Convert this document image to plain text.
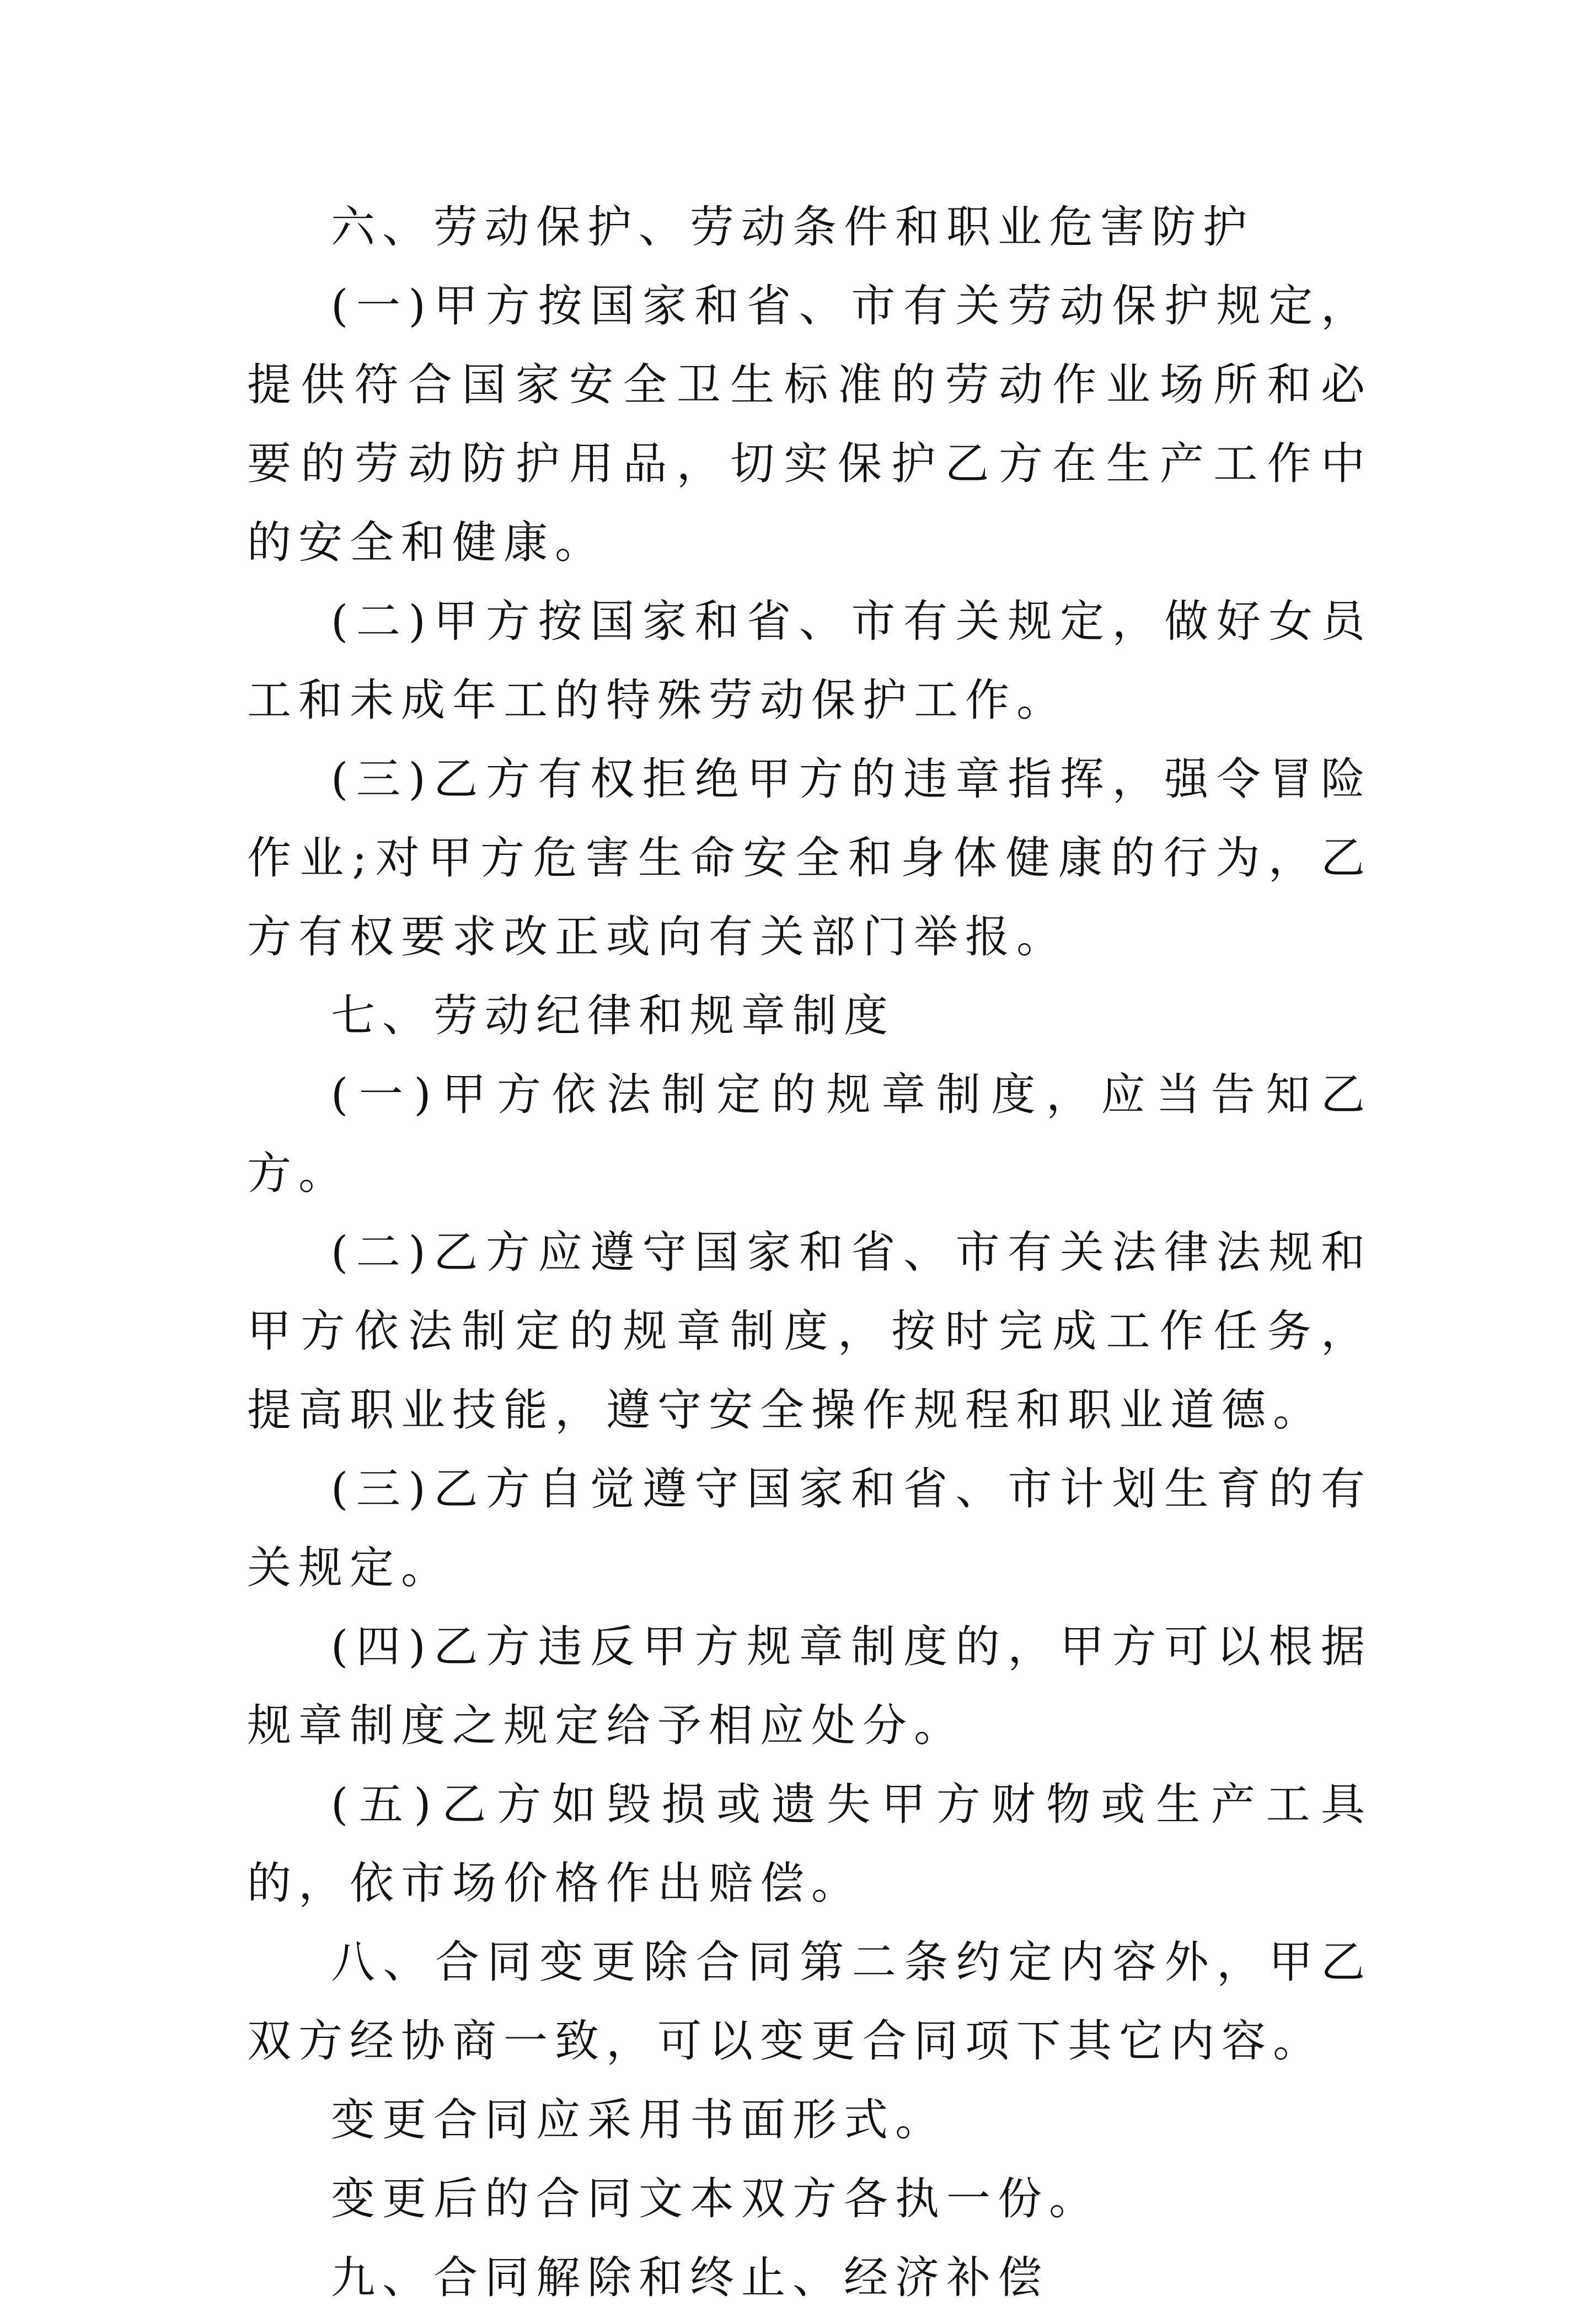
六、劳动保护、劳动条件和职业危害防护

(一)甲方按国家和省、市有关劳动保护规定，提供符合国家安全卫生标准的劳动作业场所和必要的劳动防护用品，切实保护乙方在生产工作中的安全和健康。

(二)甲方按国家和省、市有关规定，做好女员工和未成年工的特殊劳动保护工作。

(三)乙方有权拒绝甲方的违章指挥，强令冒险作业;对甲方危害生命安全和身体健康的行为，乙方有权要求改正或向有关部门举报。

七、劳动纪律和规章制度

(一)甲方依法制定的规章制度，应当告知乙方。

(二)乙方应遵守国家和省、市有关法律法规和甲方依法制定的规章制度，按时完成工作任务，提高职业技能，遵守安全操作规程和职业道德。

(三)乙方自觉遵守国家和省、市计划生育的有关规定。

(四)乙方违反甲方规章制度的，甲方可以根据规章制度之规定给予相应处分。

(五)乙方如毁损或遗失甲方财物或生产工具的，依市场价格作出赔偿。

八、合同变更除合同第二条约定内容外，甲乙双方经协商一致，可以变更合同项下其它内容。

变更合同应采用书面形式。

变更后的合同文本双方各执一份。

九、合同解除和终止、经济补偿
